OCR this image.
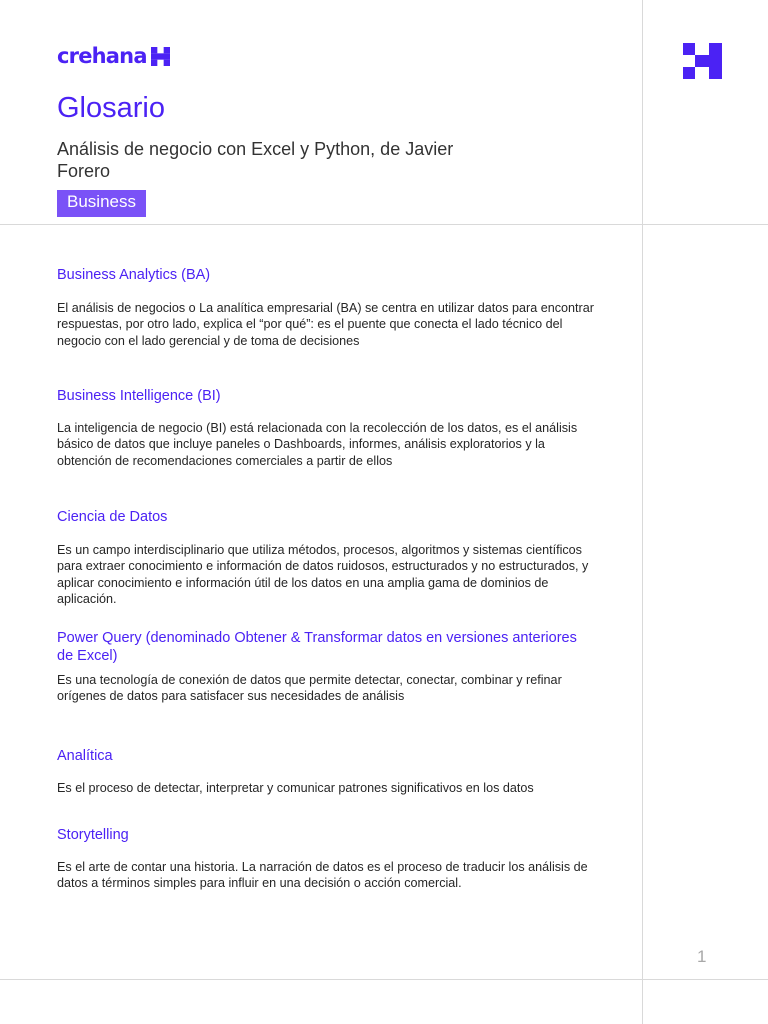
crehana
Glosario

Análisis de negocio con Excel y Python, de Javier Forero

Business
Business Analytics (BA)

El análisis de negocios o La analítica empresarial (BA) se centra en utilizar datos para encontrar respuestas, por otro lado, explica el “por qué”: es el puente que conecta el lado técnico del negocio con el lado gerencial y de toma de decisiones

Business Intelligence (BI)

La inteligencia de negocio (BI) está relacionada con la recolección de los datos, es el análisis básico de datos que incluye paneles o Dashboards, informes, análisis exploratorios y la obtención de recomendaciones comerciales a partir de ellos

Ciencia de Datos

Es un campo interdisciplinario que utiliza métodos, procesos, algoritmos y sistemas científicos para extraer conocimiento e información de datos ruidosos, estructurados y no estructurados, y aplicar conocimiento e información útil de los datos en una amplia gama de dominios de aplicación.

Power Query (denominado Obtener & Transformar datos en versiones anteriores de Excel)

Es una tecnología de conexión de datos que permite detectar, conectar, combinar y refinar orígenes de datos para satisfacer sus necesidades de análisis

Analítica

Es el proceso de detectar, interpretar y comunicar patrones significativos en los datos

Storytelling

Es el arte de contar una historia. La narración de datos es el proceso de traducir los análisis de datos a términos simples para influir en una decisión o acción comercial.

1
